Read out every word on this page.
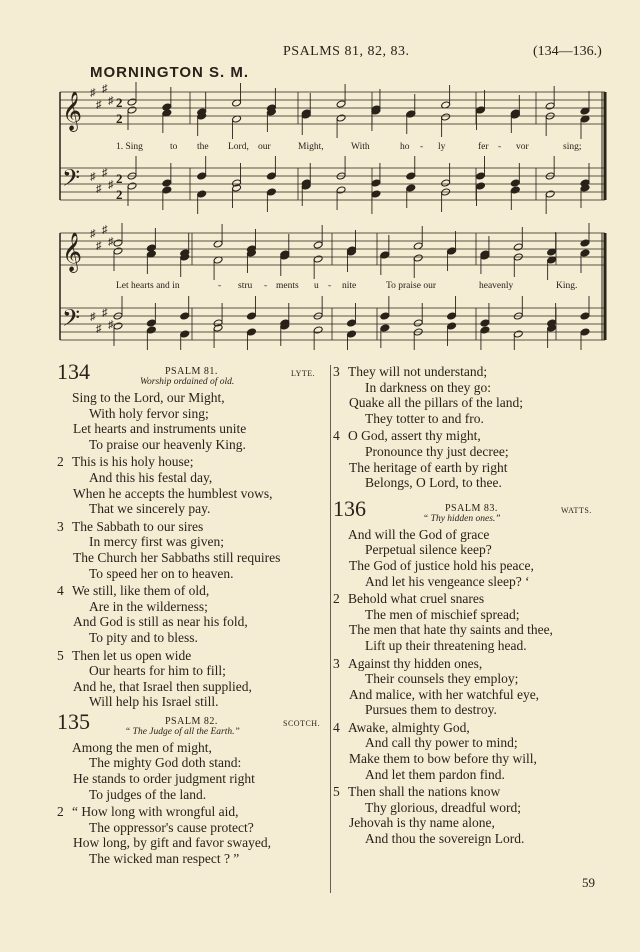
PSALMS 81, 82, 83.	(134—136.)
MORNINGTON S. M.
𝄞
𝄢
♯
♯
♯
♯
♯
♯
♯
♯
2
2
2
2
𝄞
𝄢
♯
♯
♯
♯
♯
♯
♯
♯
1. Sing	to the Lord, our	Might,	With	ho - ly	fer - vor	sing;
Let hearts and in	- stru - ments u - nite	To praise our	heavenly	King.
134	PSALM 81.	LYTE.
Worship ordained of old.
Sing to the Lord, our Might,
With holy fervor sing;
Let hearts and instruments unite
To praise our heavenly King.
2 This is his holy house;
And this his festal day,
When he accepts the humblest vows,
That we sincerely pay.
3 The Sabbath to our sires
In mercy first was given;
The Church her Sabbaths still requires
To speed her on to heaven.
4 We still, like them of old,
Are in the wilderness;
And God is still as near his fold,
To pity and to bless.
5 Then let us open wide
Our hearts for him to fill;
And he, that Israel then supplied,
Will help his Israel still.
135	PSALM 82.	SCOTCH.
“ The Judge of all the Earth.”
Among the men of might,
The mighty God doth stand:
He stands to order judgment right
To judges of the land.
2 “ How long with wrongful aid,
The oppressor's cause protect?
How long, by gift and favor swayed,
The wicked man respect ? ”
3 They will not understand;
In darkness on they go:
Quake all the pillars of the land;
They totter to and fro.
4 O God, assert thy might,
Pronounce thy just decree;
The heritage of earth by right
Belongs, O Lord, to thee.
136	PSALM 83.	WATTS.
“ Thy hidden ones.”
And will the God of grace
Perpetual silence keep?
The God of justice hold his peace,
And let his vengeance sleep? ‘
2 Behold what cruel snares
The men of mischief spread;
The men that hate thy saints and thee,
Lift up their threatening head.
3 Against thy hidden ones,
Their counsels they employ;
And malice, with her watchful eye,
Pursues them to destroy.
4 Awake, almighty God,
And call thy power to mind;
Make them to bow before thy will,
And let them pardon find.
5 Then shall the nations know
Thy glorious, dreadful word;
Jehovah is thy name alone,
And thou the sovereign Lord.
59
